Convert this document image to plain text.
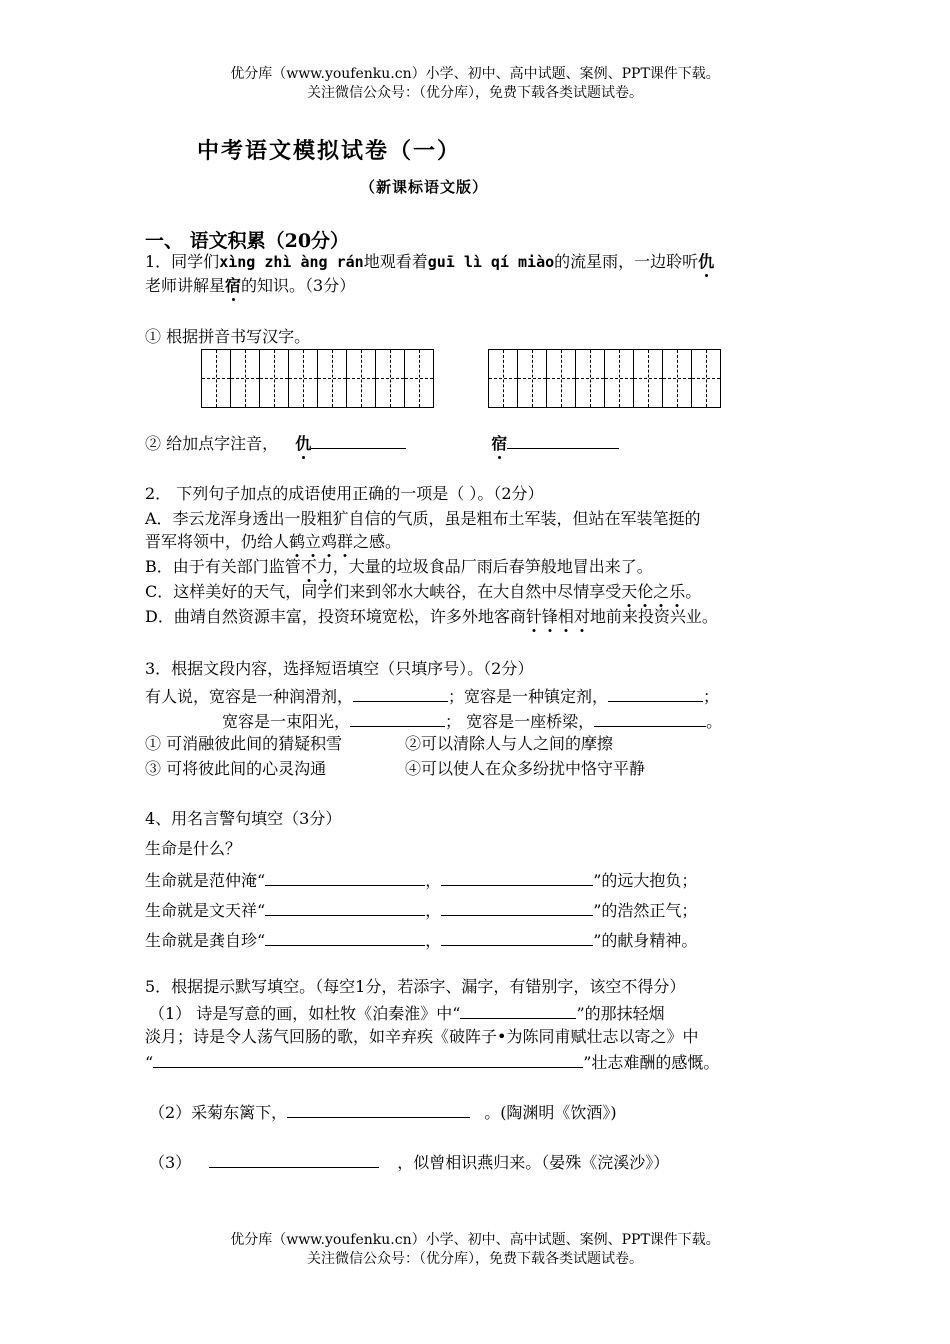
优分库（www.youfenku.cn）小学、初中、高中试题、案例、PPT课件下载。
关注微信公众号：（优分库），免费下载各类试题试卷。
中考语文模拟试卷（一）
（新课标语文版）
一、 语文积累（20分）
1．同学们xìng zhì àng rán地观看着guī lì qí miào的流星雨，一边聆听仇
老师讲解星宿的知识。（3分）
① 根据拼音书写汉字。
② 给加点字注音， 仇	宿
2． 下列句子加点的成语使用正确的一项是（ ）。（2分）
A．李云龙浑身透出一股粗犷自信的气质，虽是粗布土军装，但站在军装笔挺的
晋军将领中，仍给人鹤立鸡群之感。
B．由于有关部门监管不力，大量的垃圾食品厂雨后春笋般地冒出来了。
C．这样美好的天气，同学们来到邻水大峡谷，在大自然中尽情享受天伦之乐。
D．曲靖自然资源丰富，投资环境宽松，许多外地客商针锋相对地前来投资兴业。
3．根据文段内容，选择短语填空（只填序号）。（2分）
有人说，宽容是一种润滑剂，	；宽容是一种镇定剂，	；
宽容是一束阳光，	； 宽容是一座桥梁，	。
① 可消融彼此间的猜疑积雪	②可以清除人与人之间的摩擦
③ 可将彼此间的心灵沟通	④可以使人在众多纷扰中恪守平静
4、用名言警句填空（3分）
生命是什么？
生命就是范仲淹“	，	”的远大抱负；
生命就是文天祥“	，	”的浩然正气；
生命就是龚自珍“	，	”的献身精神。
5．根据提示默写填空。（每空1分，若添字、漏字，有错别字，该空不得分）
（1） 诗是写意的画，如杜牧《泊秦淮》中“	”的那抹轻烟
淡月；诗是令人荡气回肠的歌，如辛弃疾《破阵子•为陈同甫赋壮志以寄之》中
“	”壮志难酬的感慨。
（2）采菊东篱下，	。(陶渊明《饮酒》)
（3）	，似曾相识燕归来。（晏殊《浣溪沙》）
优分库（www.youfenku.cn）小学、初中、高中试题、案例、PPT课件下载。
关注微信公众号：（优分库），免费下载各类试题试卷。
